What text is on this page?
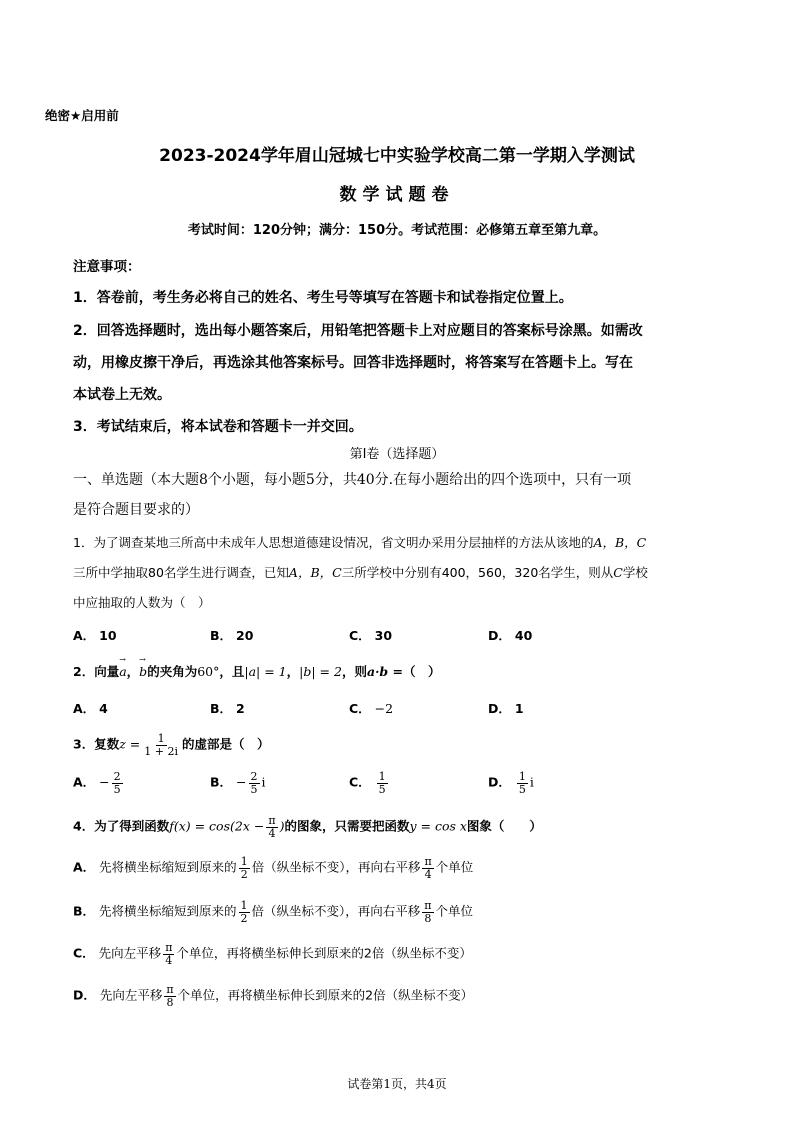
绝密★启用前
2023-2024学年眉山冠城七中实验学校高二第一学期入学测试
数学试题卷
考试时间：120分钟；满分：150分。考试范围：必修第五章至第九章。
注意事项：
1．答卷前，考生务必将自己的姓名、考生号等填写在答题卡和试卷指定位置上。
2．回答选择题时，选出每小题答案后，用铅笔把答题卡上对应题目的答案标号涂黑。如需改
动，用橡皮擦干净后，再选涂其他答案标号。回答非选择题时，将答案写在答题卡上。写在
本试卷上无效。
3．考试结束后，将本试卷和答题卡一并交回。
第I卷（选择题）
一、单选题（本大题8个小题，每小题5分，共40分.在每小题给出的四个选项中，只有一项
是符合题目要求的）
1．为了调查某地三所高中未成年人思想道德建设情况，省文明办采用分层抽样的方法从该地的A，B，C
三所中学抽取80名学生进行调查，已知A，B，C三所学校中分别有400，560，320名学生，则从C学校
中应抽取的人数为（　）
A． 10	B． 20	C． 30	D． 40
2．向量a →，b →的夹角为60°，且|a| = 1，|b| = 2，则a·b =（　）
A． 4	B． 2	C． −2	D． 1
3．复数$z = \frac{1}{1 + 2i}$ 的虚部是（　）
A． − $\frac{2}{5}$	B． − $\frac{2}{5}$ i	C． $\frac{1}{5}$	D． $\frac{1}{5}$ i
4．为了得到函数$f(x) = \cos(2x - \frac{\pi}{4}$ )的图象，只需要把函数y = cos x图象（　　）
A． 先将横坐标缩短到原来的 $\frac{1}{2}$ 倍（纵坐标不变），再向右平移 $\frac{\pi}{4}$ 个单位
B． 先将横坐标缩短到原来的 $\frac{1}{2}$ 倍（纵坐标不变），再向右平移 $\frac{\pi}{8}$ 个单位
C． 先向左平移 $\frac{\pi}{4}$ 个单位，再将横坐标伸长到原来的2倍（纵坐标不变）
D． 先向左平移 $\frac{\pi}{8}$ 个单位，再将横坐标伸长到原来的2倍（纵坐标不变）
试卷第1页，共4页
